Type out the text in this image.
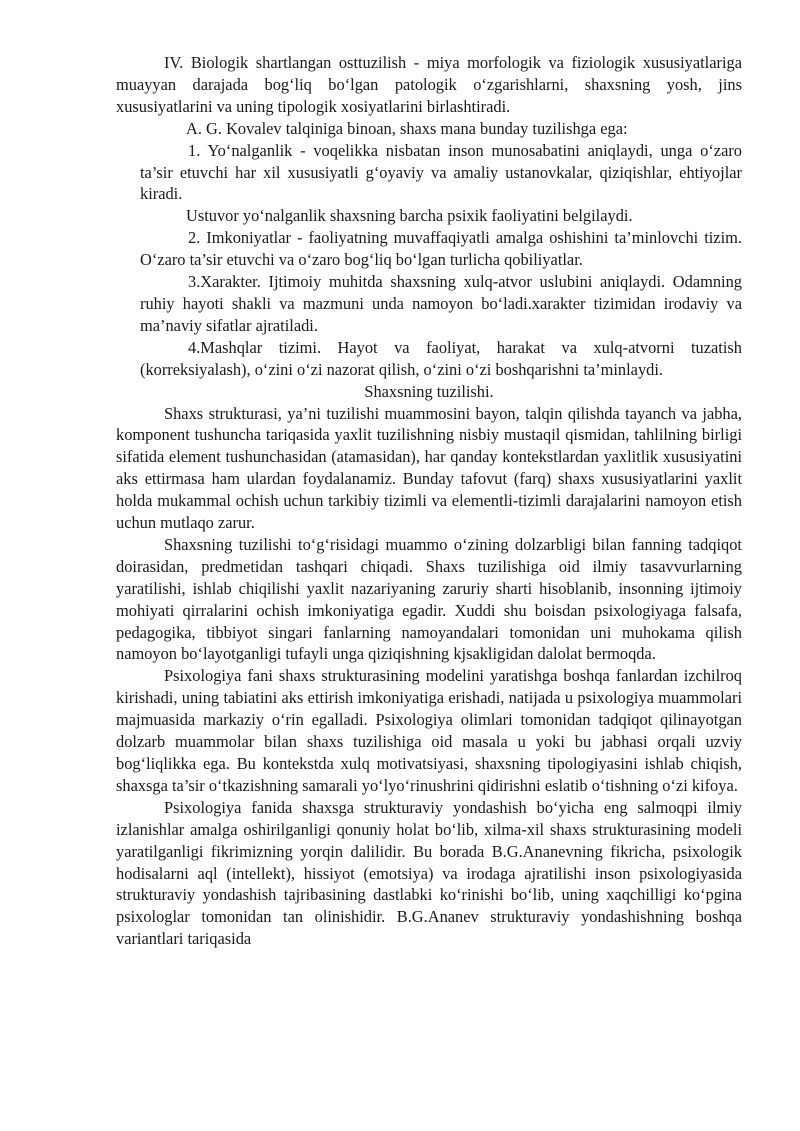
IV. Biologik shartlangan osttuzilish - miya morfologik va fiziologik xususiyatlariga muayyan darajada bog‘liq bo‘lgan patologik o‘zgarishlarni, shaxsning yosh, jins xususiyatlarini va uning tipologik xosiyatlarini birlashtiradi.

A. G. Kovalev talqiniga binoan, shaxs mana bunday tuzilishga ega:

1. Yo‘nalganlik - voqelikka nisbatan inson munosabatini aniqlaydi, unga o‘zaro ta’sir etuvchi har xil xususiyatli g‘oyaviy va amaliy ustanovkalar, qiziqishlar, ehtiyojlar kiradi.

Ustuvor yo‘nalganlik shaxsning barcha psixik faoliyatini belgilaydi.

2. Imkoniyatlar - faoliyatning muvaffaqiyatli amalga oshishini ta’minlovchi tizim. O‘zaro ta’sir etuvchi va o‘zaro bog‘liq bo‘lgan turlicha qobiliyatlar.

3.Xarakter. Ijtimoiy muhitda shaxsning xulq-atvor uslubini aniqlaydi. Odamning ruhiy hayoti shakli va mazmuni unda namoyon bo‘ladi.xarakter tizimidan irodaviy va ma’naviy sifatlar ajratiladi.

4.Mashqlar tizimi. Hayot va faoliyat, harakat va xulq-atvorni tuzatish (korreksiyalash), o‘zini o‘zi nazorat qilish, o‘zini o‘zi boshqarishni ta’minlaydi.

Shaxsning tuzilishi.

Shaxs strukturasi, ya’ni tuzilishi muammosini bayon, talqin qilishda tayanch va jabha, komponent tushuncha tariqasida yaxlit tuzilishning nisbiy mustaqil qismidan, tahlilning birligi sifatida element tushunchasidan (atamasidan), har qanday kontekstlardan yaxlitlik xususiyatini aks ettirmasa ham ulardan foydalanamiz. Bunday tafovut (farq) shaxs xususiyatlarini yaxlit holda mukammal ochish uchun tarkibiy tizimli va elementli-tizimli darajalarini namoyon etish uchun mutlaqo zarur.

Shaxsning tuzilishi to‘g‘risidagi muammo o‘zining dolzarbligi bilan fanning tadqiqot doirasidan, predmetidan tashqari chiqadi. Shaxs tuzilishiga oid ilmiy tasavvurlarning yaratilishi, ishlab chiqilishi yaxlit nazariyaning zaruriy sharti hisoblanib, insonning ijtimoiy mohiyati qirralarini ochish imkoniyatiga egadir. Xuddi shu boisdan psixologiyaga falsafa, pedagogika, tibbiyot singari fanlarning namoyandalari tomonidan uni muhokama qilish namoyon bo‘layotganligi tufayli unga qiziqishning kjsakligidan dalolat bermoqda.

Psixologiya fani shaxs strukturasining modelini yaratishga boshqa fanlardan izchilroq kirishadi, uning tabiatini aks ettirish imkoniyatiga erishadi, natijada u psixologiya muammolari majmuasida markaziy o‘rin egalladi. Psixologiya olimlari tomonidan tadqiqot qilinayotgan dolzarb muammolar bilan shaxs tuzilishiga oid masala u yoki bu jabhasi orqali uzviy bog‘liqlikka ega. Bu kontekstda xulq motivatsiyasi, shaxsning tipologiyasini ishlab chiqish, shaxsga ta’sir o‘tkazishning samarali yo‘lyo‘rinushrini qidirishni eslatib o‘tishning o‘zi kifoya.

Psixologiya fanida shaxsga strukturaviy yondashish bo‘yicha eng salmoqpi ilmiy izlanishlar amalga oshirilganligi qonuniy holat bo‘lib, xilma-xil shaxs strukturasining modeli yaratilganligi fikrimizning yorqin dalilidir. Bu borada B.G.Ananevning fikricha, psixologik hodisalarni aql (intellekt), hissiyot (emotsiya) va irodaga ajratilishi inson psixologiyasida strukturaviy yondashish tajribasining dastlabki ko‘rinishi bo‘lib, uning xaqchilligi ko‘pgina psixologlar tomonidan tan olinishidir. B.G.Ananev strukturaviy yondashishning boshqa variantlari tariqasida
